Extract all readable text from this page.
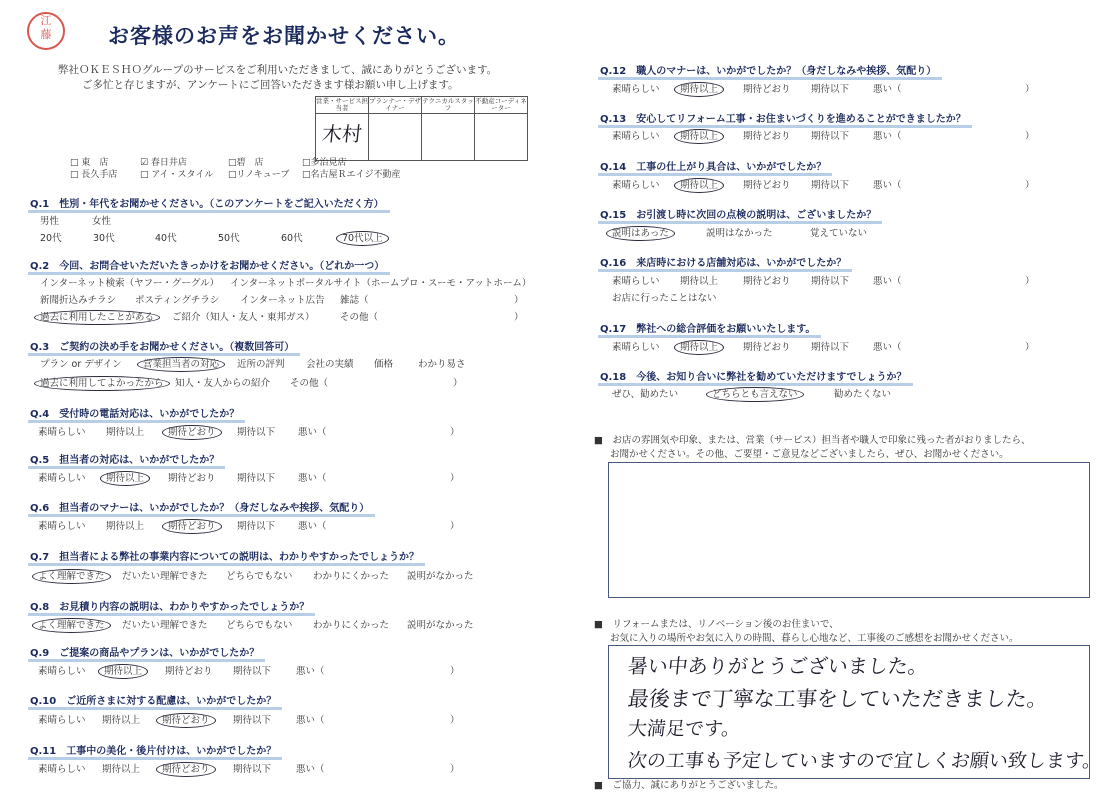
江
藤	お客様のお声をお聞かせください。
弊社ＯＫＥＳＨＯグループのサービスをご利用いただきまして、誠にありがとうございます。
ご多忙と存じますが、アンケートにご回答いただきます様お願い申し上げます。
営業・サービス担当者	プランナー・デザイナー	テクニカルスタッフ	不動産コーディネーター
木村			
□ 東　店	☑ 春日井店	□碧　店	□多治見店
□ 長久手店	□ アイ・スタイル □リノキューブ □名古屋Ｒエイジ不動産
Q.1　性別・年代をお聞かせください。（このアンケートをご記入いただく方）
男性	女性
20代	30代	40代	50代	60代	70代以上
Q.2　今回、お問合せいただいたきっかけをお聞かせください。（どれか一つ）
インターネット検索（ヤフー・グーグル） インターネットポータルサイト（ホームプロ・スーモ・アットホーム）
新聞折込みチラシ ポスティングチラシ インターネット広告 雑誌（	）
過去に利用したことがある ご紹介（知人・友人・東邦ガス）	その他（	）
Q.3　ご契約の決め手をお聞かせください。（複数回答可）
プラン or デザイン 営業担当者の対応 近所の評判 会社の実績 価格	わかり易さ
過去に利用してよかったから 知人・友人からの紹介 その他（	）
Q.4　受付時の電話対応は、いかがでしたか？
素晴らしい 期待以上	期待どおり 期待以下 悪い（	）
Q.5　担当者の対応は、いかがでしたか？
素晴らしい 期待以上	期待どおり 期待以下 悪い（	）
Q.6　担当者のマナーは、いかがでしたか？（身だしなみや挨拶、気配り）
素晴らしい 期待以上	期待どおり 期待以下 悪い（	）
Q.7　担当者による弊社の事業内容についての説明は、わかりやすかったでしょうか？
よく理解できた だいたい理解できた どちらでもない わかりにくかった 説明がなかった
Q.8　お見積り内容の説明は、わかりやすかったでしょうか？
よく理解できた だいたい理解できた どちらでもない わかりにくかった 説明がなかった
Q.9　ご提案の商品やプランは、いかがでしたか？
素晴らしい 期待以上 期待どおり 期待以下	悪い（	）
Q.10　ご近所さまに対する配慮は、いかがでしたか？
素晴らしい 期待以上 期待どおり 期待以下	悪い（	）
Q.11　工事中の美化・後片付けは、いかがでしたか？
素晴らしい 期待以上 期待どおり 期待以下	悪い（	）
Q.12　職人のマナーは、いかがでしたか？（身だしなみや挨拶、気配り）
素晴らしい 期待以上	期待どおり 期待以下	悪い（	）
Q.13　安心してリフォーム工事・お住まいづくりを進めることができましたか？
素晴らしい 期待以上	期待どおり 期待以下	悪い（	）
Q.14　工事の仕上がり具合は、いかがでしたか？
素晴らしい 期待以上	期待どおり 期待以下	悪い（	）
Q.15　お引渡し時に次回の点検の説明は、ございましたか？
説明はあった	説明はなかった	覚えていない
Q.16　来店時における店舗対応は、いかがでしたか？
素晴らしい 期待以上	期待どおり 期待以下	悪い（	）
お店に行ったことはない
Q.17　弊社への総合評価をお願いいたします。
素晴らしい 期待以上	期待どおり 期待以下	悪い（	）
Q.18　今後、お知り合いに弊社を勧めていただけますでしょうか？
ぜひ、勧めたい	どちらとも言えない	勧めたくない
■　お店の雰囲気や印象、または、営業（サービス）担当者や職人で印象に残った者がおりましたら、
お聞かせください。その他、ご要望・ご意見などございましたら、ぜひ、お聞かせください。
■　リフォームまたは、リノベーション後のお住まいで、
お気に入りの場所やお気に入りの時間、暮らし心地など、工事後のご感想をお聞かせください。
暑い中ありがとうございました。
最後まで丁寧な工事をしていただきました。
大満足です。
次の工事も予定していますので宜しくお願い致します。
■　ご協力、誠にありがとうございました。
